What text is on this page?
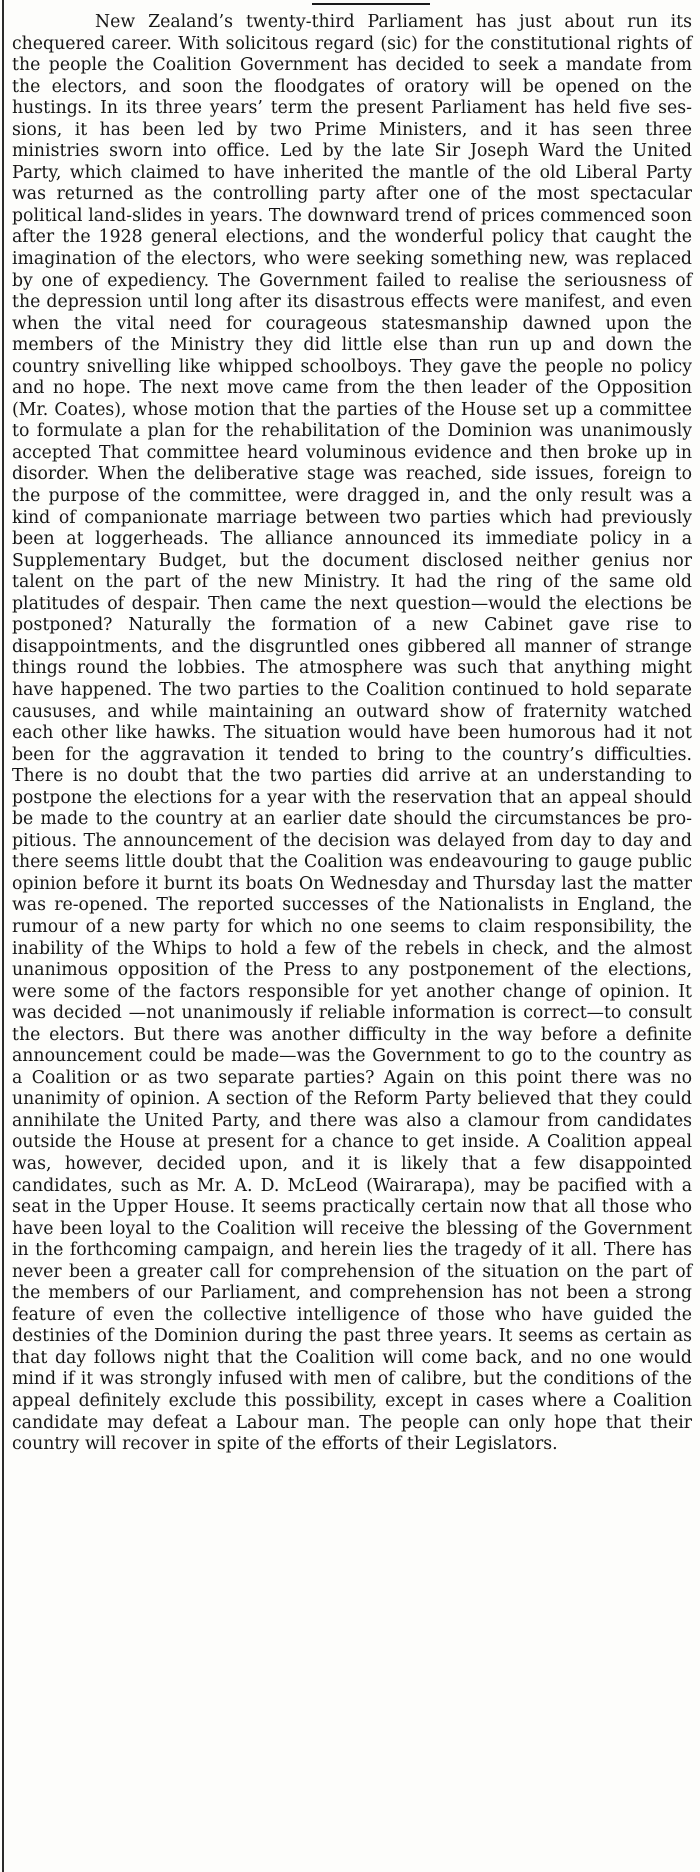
New Zealand’s twenty-third Parliament has just about run its chequered career. With solicitous regard (sic) for the constitutional rights of the people the Coalition Government has decided to seek a mandate from the electors, and soon the floodgates of oratory will be opened on the hustings. In its three years’ term the present Parliament has held five sessions, it has been led by two Prime Ministers, and it has seen three ministries sworn into office. Led by the late Sir Joseph Ward the United Party, which claimed to have inherited the mantle of the old Liberal Party was returned as the controlling party after one of the most spectacular political land-slides in years. The downward trend of prices commenced soon after the 1928 general elections, and the wonderful policy that caught the imagination of the electors, who were seeking something new, was replaced by one of expediency. The Government failed to realise the seriousness of the depression until long after its disastrous effects were manifest, and even when the vital need for courageous statesmanship dawned upon the members of the Ministry they did little else than run up and down the country snivelling like whipped schoolboys. They gave the people no policy and no hope. The next move came from the then leader of the Opposition (Mr. Coates), whose motion that the parties of the House set up a committee to formulate a plan for the rehabilitation of the Dominion was unanimously accepted That committee heard voluminous evidence and then broke up in disorder. When the deliberative stage was reached, side issues, foreign to the purpose of the committee, were dragged in, and the only result was a kind of companionate marriage between two parties which had previously been at loggerheads. The alliance announced its immediate policy in a Supplementary Budget, but the document disclosed neither genius nor talent on the part of the new Ministry. It had the ring of the same old platitudes of despair. Then came the next question—would the elections be postponed? Naturally the formation of a new Cabinet gave rise to disappointments, and the disgruntled ones gibbered all manner of strange things round the lobbies. The atmosphere was such that anything might have happened. The two parties to the Coalition continued to hold separate caususes, and while maintaining an outward show of fraternity watched each other like hawks. The situation would have been humorous had it not been for the aggravation it tended to bring to the country’s difficulties. There is no doubt that the two parties did arrive at an understanding to postpone the elections for a year with the reservation that an appeal should be made to the country at an earlier date should the circumstances be propitious. The announcement of the decision was delayed from day to day and there seems little doubt that the Coalition was endeavouring to gauge public opinion before it burnt its boats On Wednesday and Thursday last the matter was re-opened. The reported successes of the Nationalists in England, the rumour of a new party for which no one seems to claim responsibility, the inability of the Whips to hold a few of the rebels in check, and the almost unanimous opposition of the Press to any postponement of the elections, were some of the factors responsible for yet another change of opinion. It was decided —not unanimously if reliable information is correct—to consult the electors. But there was another difficulty in the way before a definite announcement could be made—was the Government to go to the country as a Coalition or as two separate parties? Again on this point there was no unanimity of opinion. A section of the Reform Party believed that they could annihilate the United Party, and there was also a clamour from candidates outside the House at present for a chance to get inside. A Coalition appeal was, however, decided upon, and it is likely that a few disappointed candidates, such as Mr. A. D. McLeod (Wairarapa), may be pacified with a seat in the Upper House. It seems practically certain now that all those who have been loyal to the Coalition will receive the blessing of the Government in the forthcoming campaign, and herein lies the tragedy of it all. There has never been a greater call for comprehension of the situation on the part of the members of our Parliament, and comprehension has not been a strong feature of even the collective intelligence of those who have guided the destinies of the Dominion during the past three years. It seems as certain as that day follows night that the Coalition will come back, and no one would mind if it was strongly infused with men of calibre, but the conditions of the appeal definitely exclude this possibility, except in cases where a Coalition candidate may defeat a Labour man. The people can only hope that their country will recover in spite of the efforts of their Legislators.
